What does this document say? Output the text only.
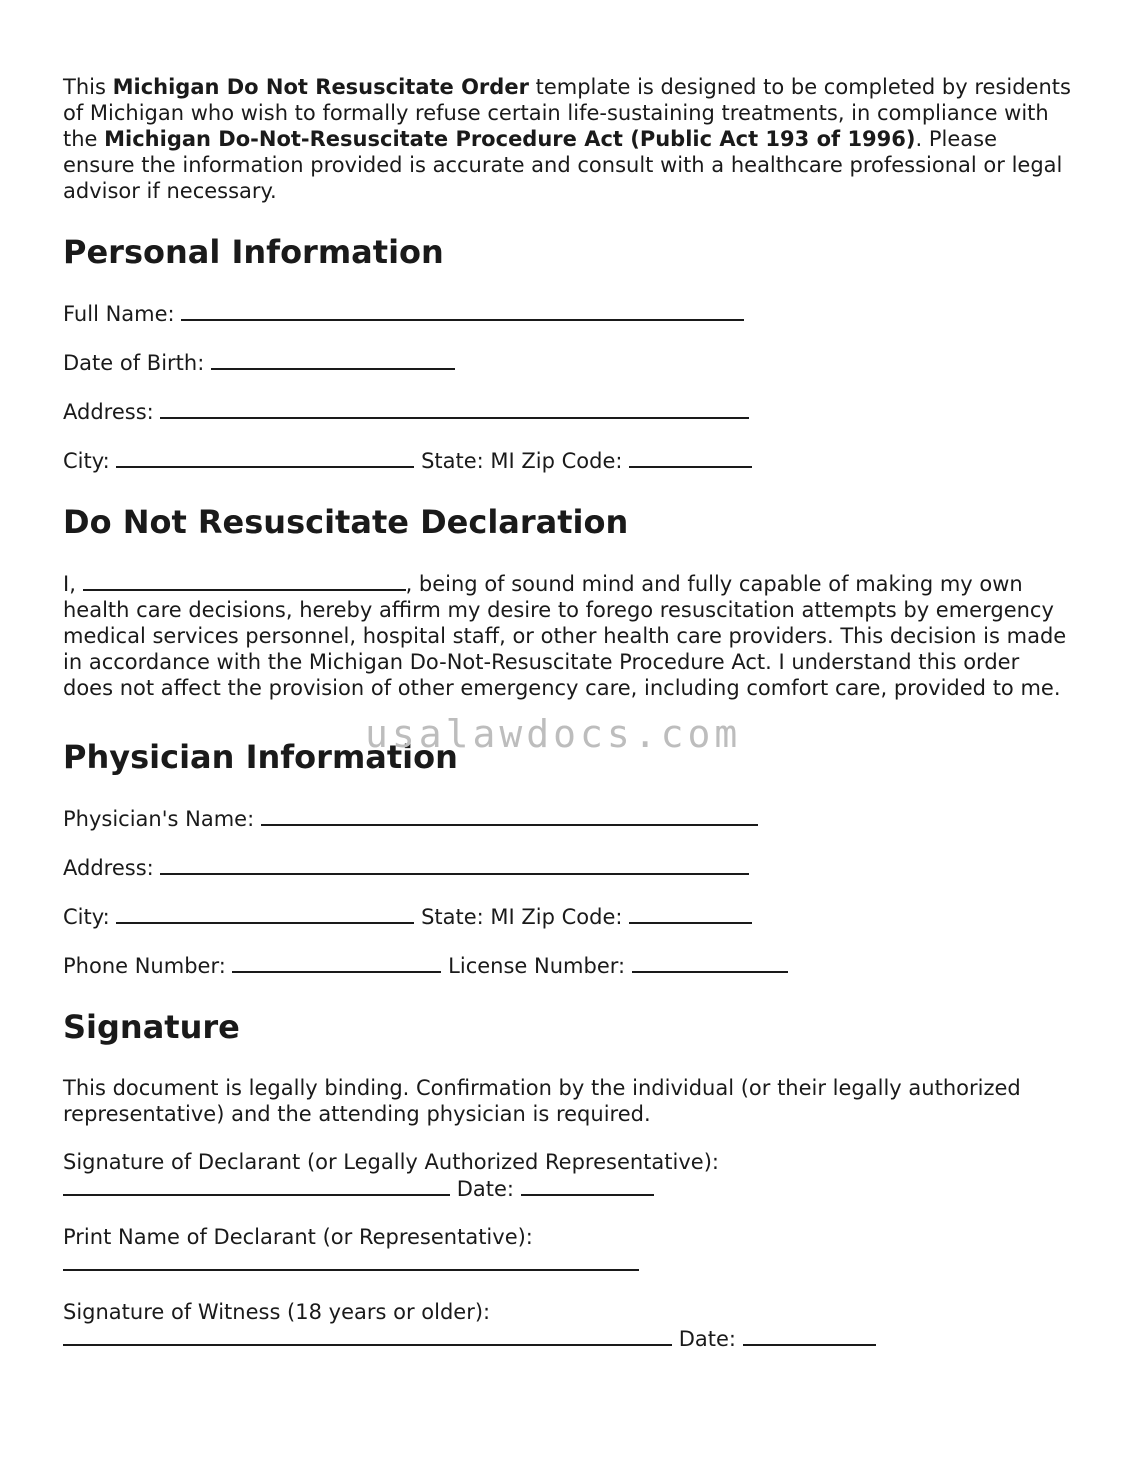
This Michigan Do Not Resuscitate Order template is designed to be completed by residents of Michigan who wish to formally refuse certain life-sustaining treatments, in compliance with the Michigan Do-Not-Resuscitate Procedure Act (Public Act 193 of 1996). Please ensure the information provided is accurate and consult with a healthcare professional or legal advisor if necessary.

Personal Information

Full Name:

Date of Birth:

Address:

City:	State: MI Zip Code:

Do Not Resuscitate Declaration

I,	, being of sound mind and fully capable of making my own health care decisions, hereby affirm my desire to forego resuscitation attempts by emergency medical services personnel, hospital staff, or other health care providers. This decision is made in accordance with the Michigan Do-Not-Resuscitate Procedure Act. I understand this order does not affect the provision of other emergency care, including comfort care, provided to me.

Physician Information

Physician's Name:

Address:

City:	State: MI Zip Code:

Phone Number:	License Number:

Signature

This document is legally binding. Confirmation by the individual (or their legally authorized representative) and the attending physician is required.

Signature of Declarant (or Legally Authorized Representative):

Date:

Print Name of Declarant (or Representative):

Signature of Witness (18 years or older):

Date:

usalawdocs.com
